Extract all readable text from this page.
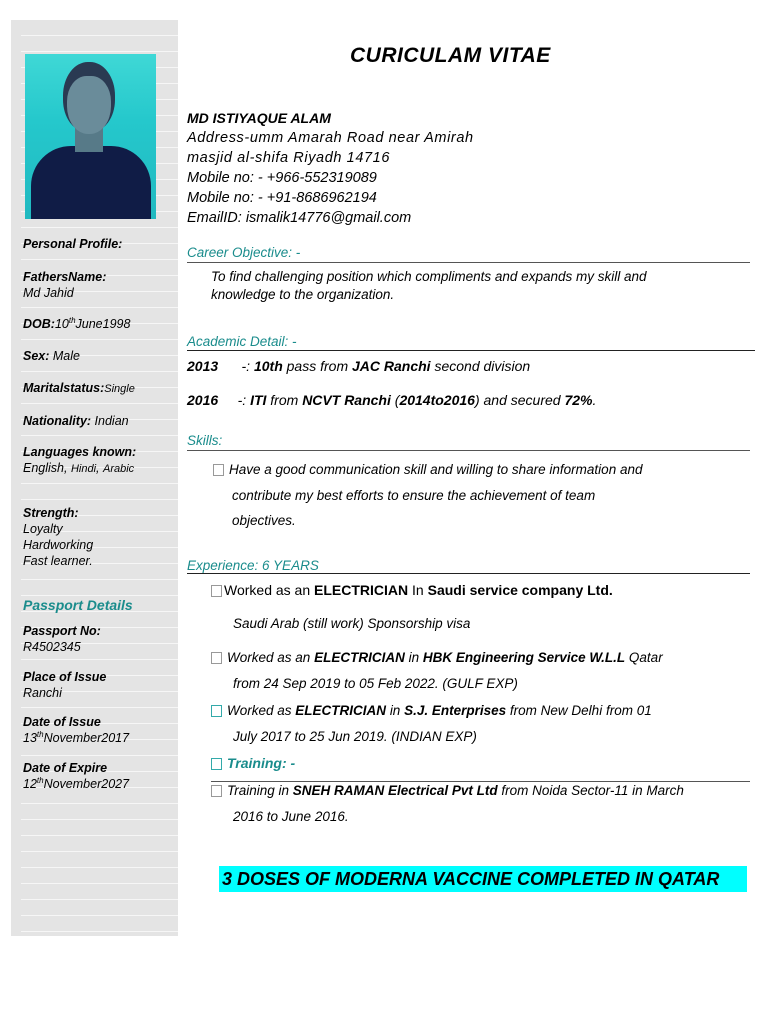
Personal Profile:
FathersName:
Md Jahid
DOB:10thJune1998
Sex: Male
Maritalstatus:Single
Nationality: Indian
Languages known:
English, Hindi, Arabic
Strength:
Loyalty
Hardworking
Fast learner.
Passport Details
Passport No:
R4502345
Place of Issue
Ranchi
Date of Issue
13thNovember2017
Date of Expire
12thNovember2027
CURICULAM VITAE
MD ISTIYAQUE ALAM
Address-umm Amarah Road near Amirah
masjid al-shifa Riyadh 14716
Mobile no: - +966-552319089
Mobile no: - +91-8686962194
EmailID: ismalik14776@gmail.com
Career Objective: -
To find challenging position which compliments and expands my skill and
knowledge to the organization.
Academic Detail: -
2013 -: 10th pass from JAC Ranchi second division
2016 -: ITI from NCVT Ranchi (2014to2016) and secured 72%.
Skills:
Have a good communication skill and willing to share information and
contribute my best efforts to ensure the achievement of team
objectives.
Experience: 6 YEARS
Worked as an ELECTRICIAN In Saudi service company Ltd.
Saudi Arab (still work) Sponsorship visa
Worked as an ELECTRICIAN in HBK Engineering Service W.L.L Qatar
from 24 Sep 2019 to 05 Feb 2022. (GULF EXP)
Worked as ELECTRICIAN in S.J. Enterprises from New Delhi from 01
July 2017 to 25 Jun 2019. (INDIAN EXP)
Training: -
Training in SNEH RAMAN Electrical Pvt Ltd from Noida Sector-11 in March
2016 to June 2016.
3 DOSES OF MODERNA VACCINE COMPLETED IN QATAR
